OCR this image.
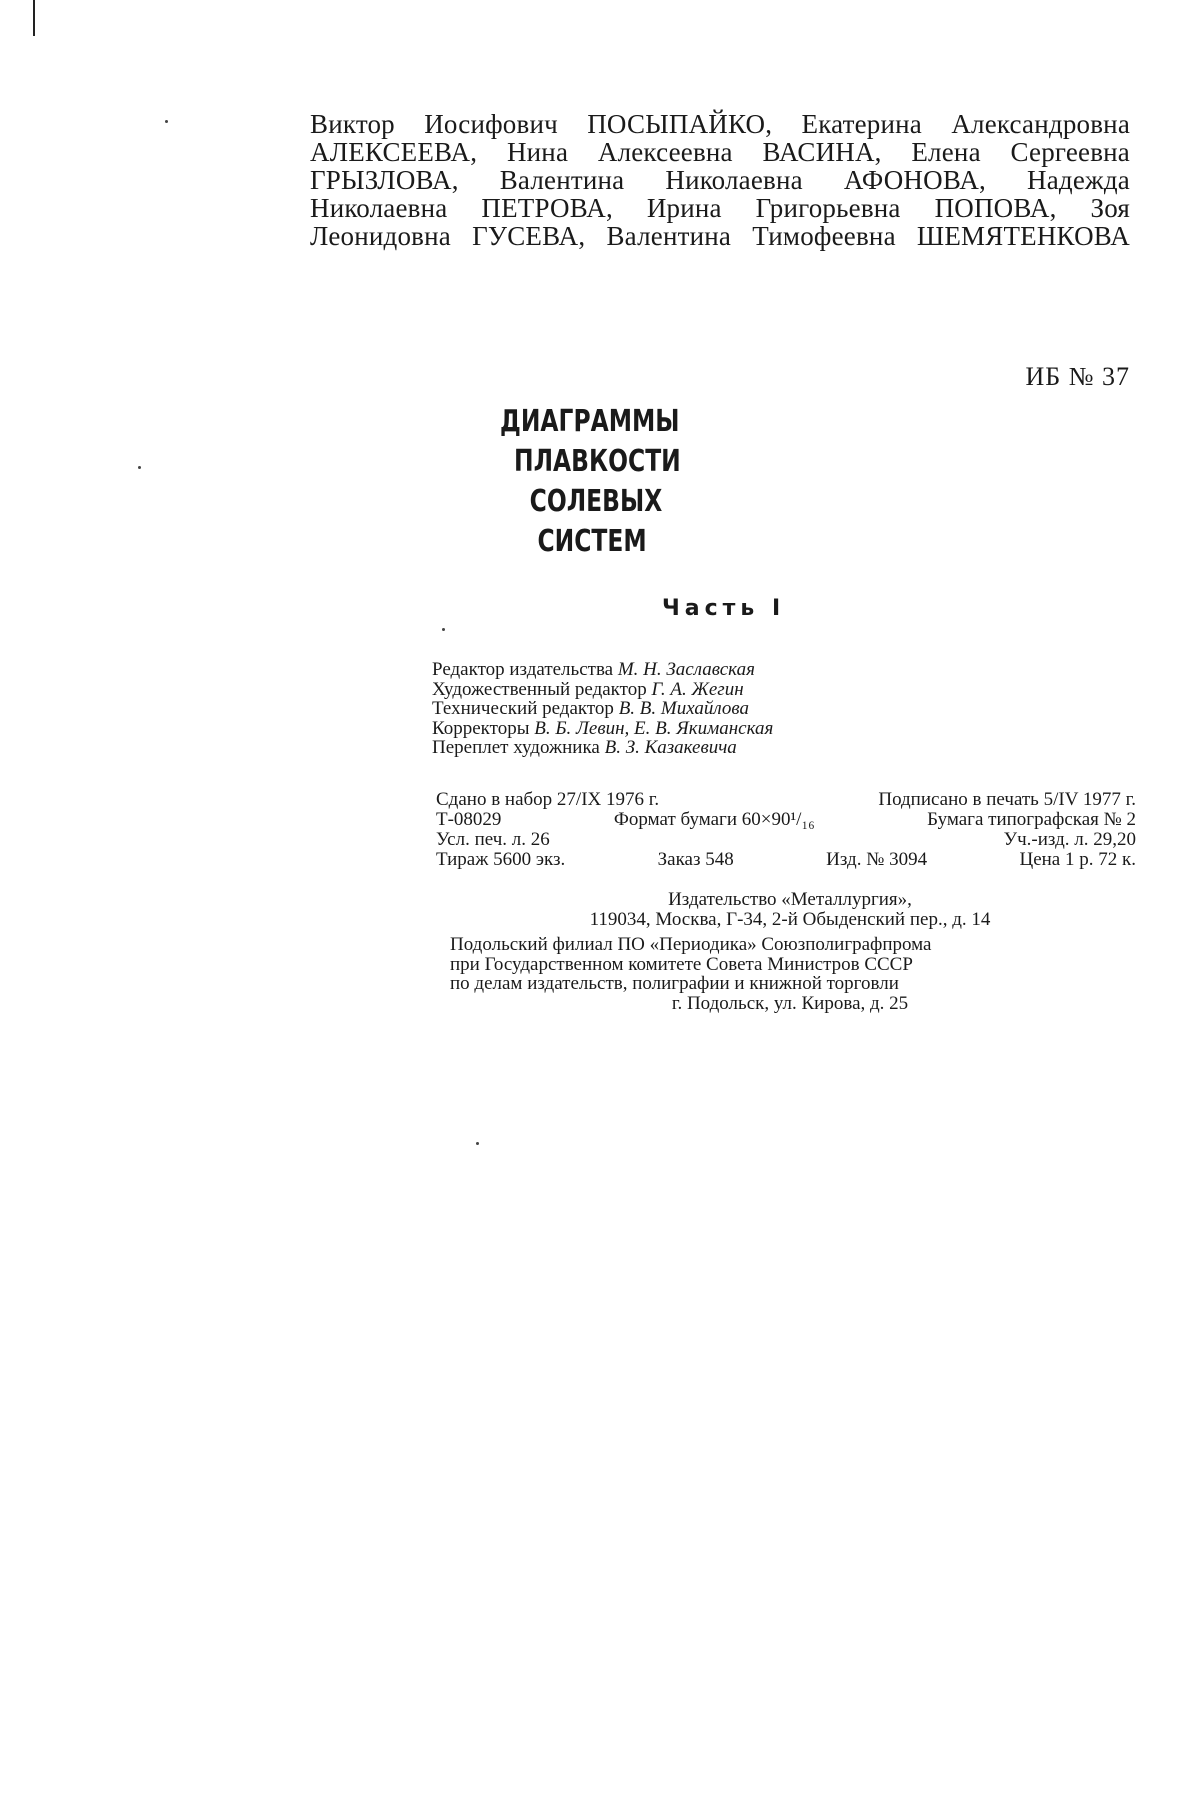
Виктор Иосифович ПОСЫПАЙКО, Екатерина Александровна
АЛЕКСЕЕВА, Нина Алексеевна ВАСИНА, Елена Сергеевна
ГРЫЗЛОВА, Валентина Николаевна АФОНОВА, Надежда
Николаевна ПЕТРОВА, Ирина Григорьевна ПОПОВА, Зоя
Леонидовна ГУСЕВА, Валентина Тимофеевна ШЕМЯТЕНКОВА
ИБ № 37
ДИАГРАММЫ
ПЛАВКОСТИ
СОЛЕВЫХ
СИСТЕМ
Часть I
Редактор издательства М. Н. Заславская
Художественный редактор Г. А. Жегин
Технический редактор В. В. Михайлова
Корректоры В. Б. Левин, Е. В. Якиманская
Переплет художника В. З. Казакевича
Сдано в набор 27/IX 1976 г.	Подписано в печать 5/IV 1977 г.
Т-08029	Формат бумаги 60×90¹/₁₆	Бумага типографская № 2
Усл. печ. л. 26	Уч.-изд. л. 29,20
Тираж 5600 экз.	Заказ 548	Изд. № 3094	Цена 1 р. 72 к.
Издательство «Металлургия»,
119034, Москва, Г-34, 2-й Обыденский пер., д. 14
Подольский филиал ПО «Периодика» Союзполиграфпрома
при Государственном комитете Совета Министров СССР
по делам издательств, полиграфии и книжной торговли
г. Подольск, ул. Кирова, д. 25
